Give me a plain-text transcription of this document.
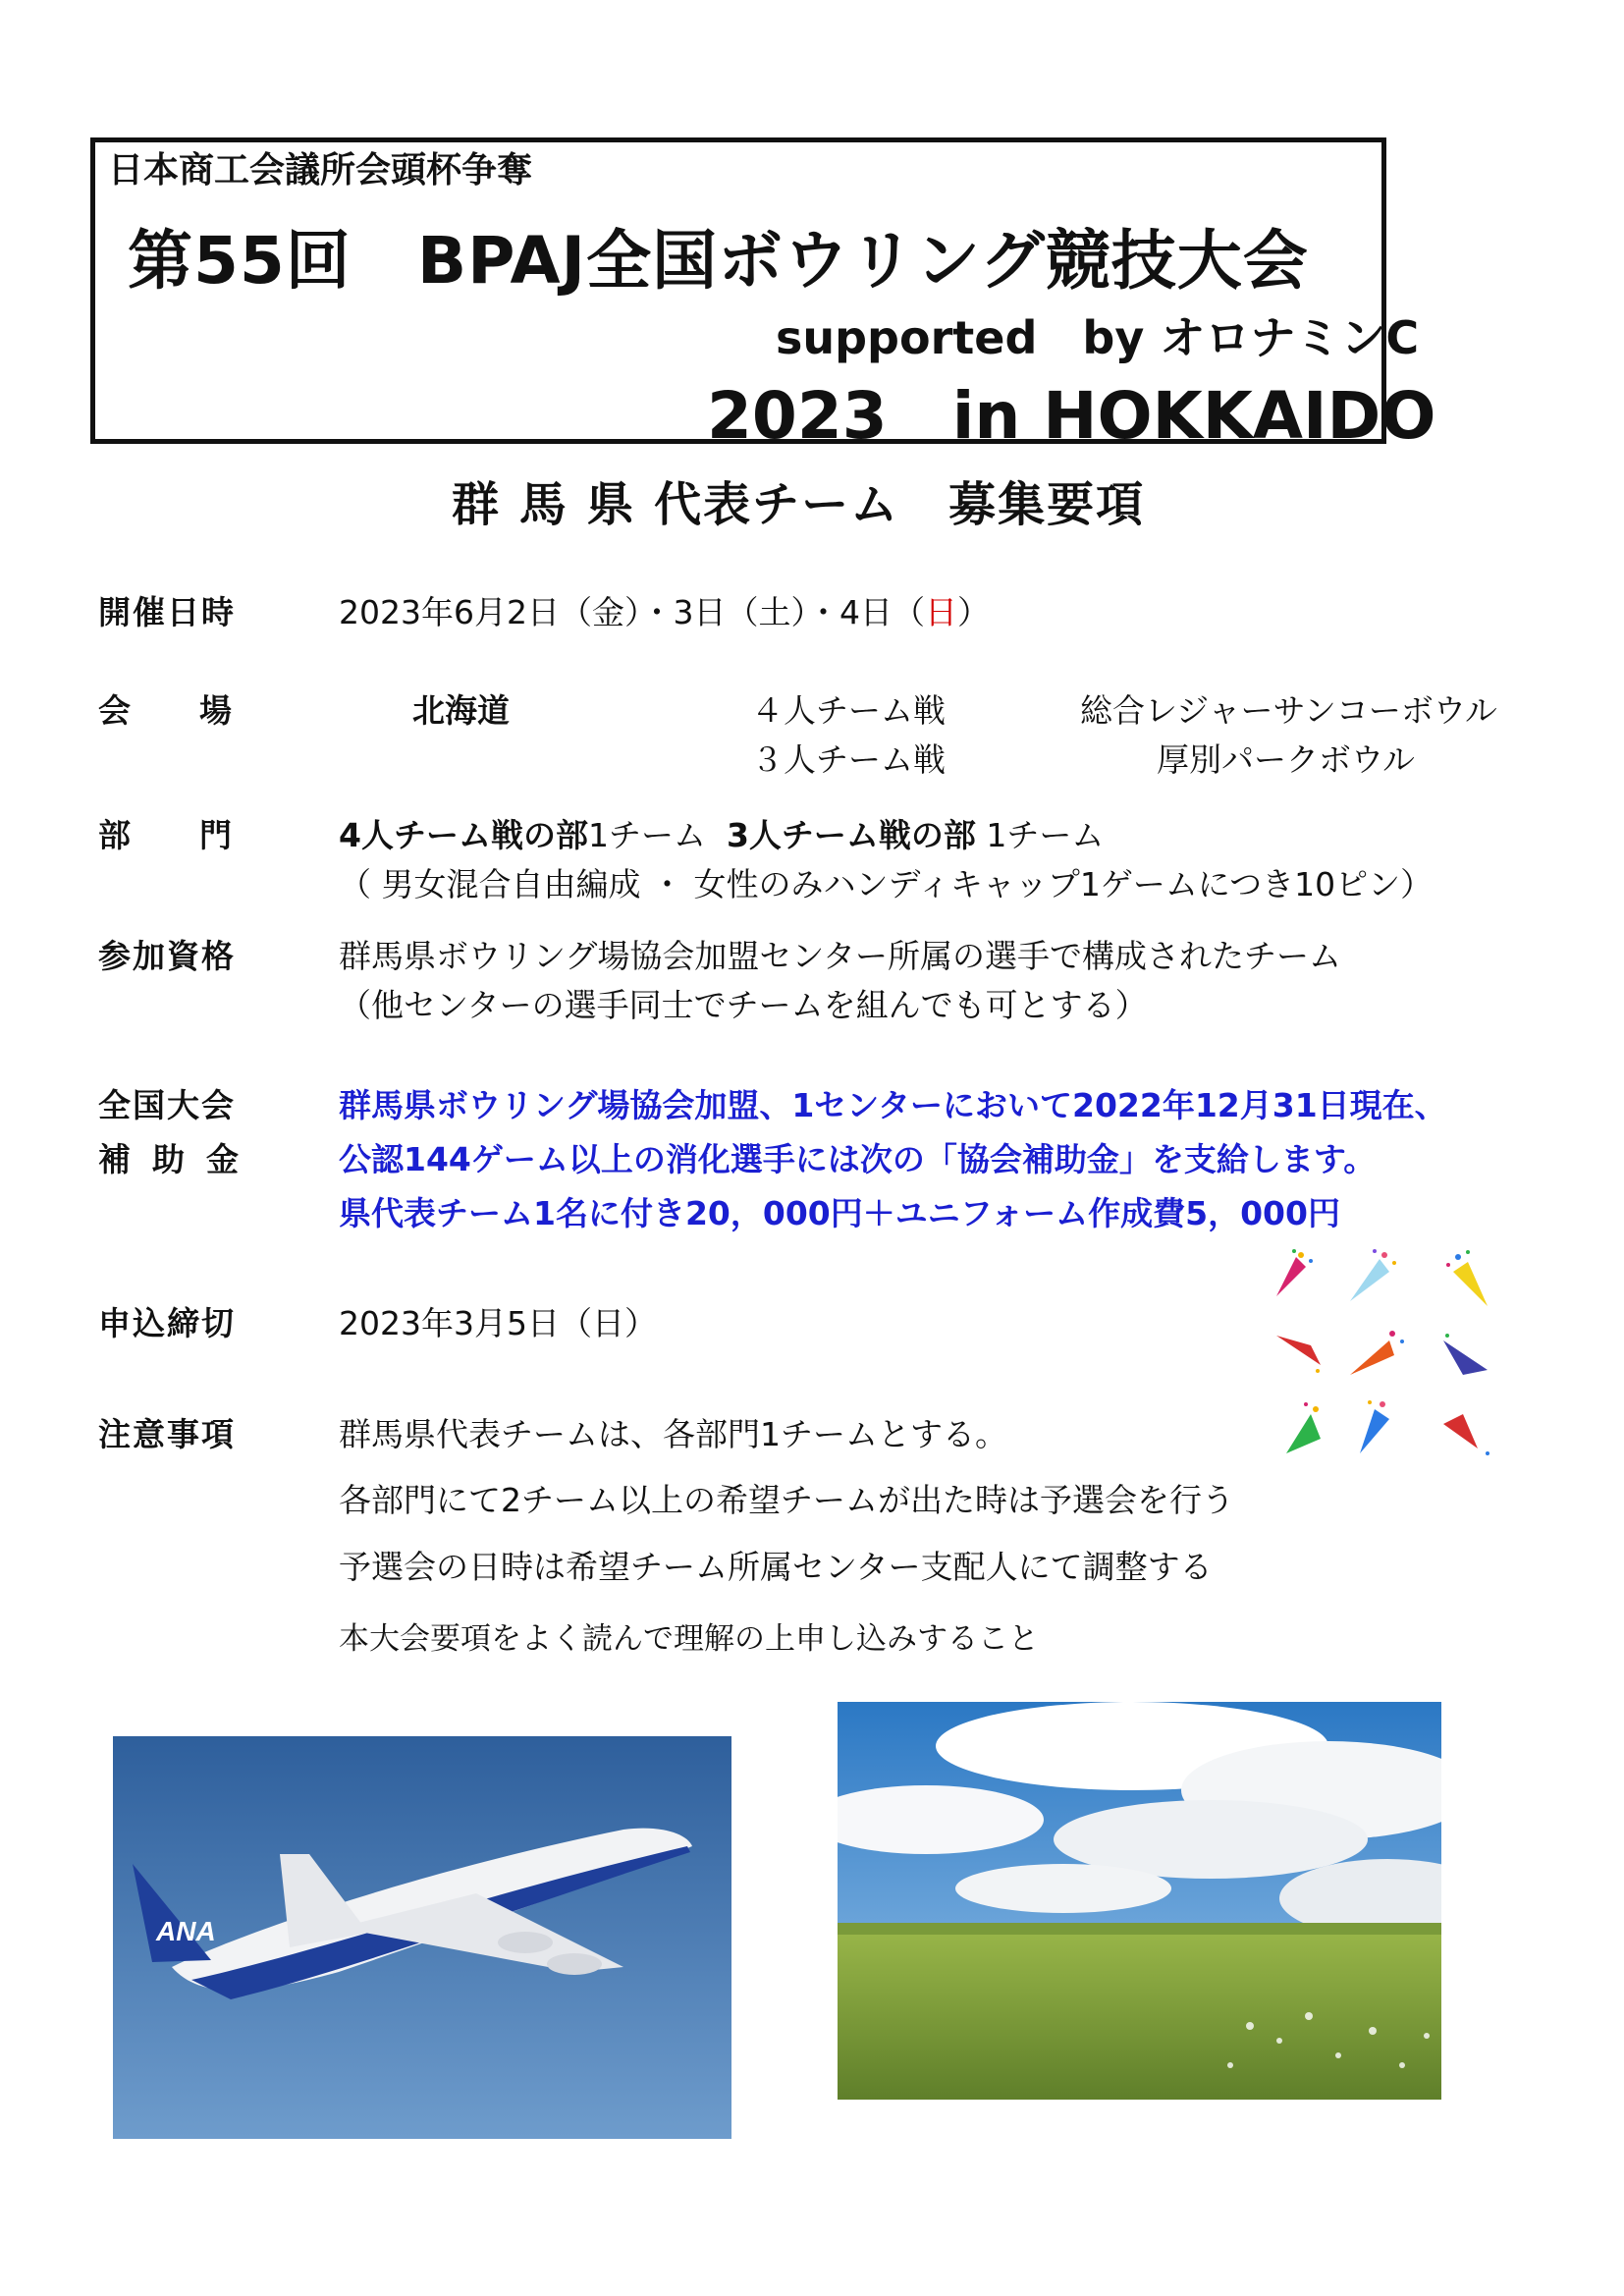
日本商工会議所会頭杯争奪
第55回　BPAJ全国ボウリング競技大会
supported　by オロナミンC
2023　in HOKKAIDO
群 馬 県 代表チーム　募集要項
開催日時	2023年6月2日（金）・3日（土）・4日（日）
会場	北海道	４人チーム戦	総合レジャーサンコーボウル
３人チーム戦	厚別パークボウル
部門 4人チーム戦の部1チーム 3人チーム戦の部 1チーム
（ 男女混合自由編成 ・ 女性のみハンディキャップ1ゲームにつき10ピン）
参加資格	群馬県ボウリング場協会加盟センター所属の選手で構成されたチーム
（他センターの選手同士でチームを組んでも可とする）
全国大会
補助金
群馬県ボウリング場協会加盟、1センターにおいて2022年12月31日現在、
公認144ゲーム以上の消化選手には次の「協会補助金」を支給します。
県代表チーム1名に付き20，000円＋ユニフォーム作成費5，000円
申込締切	2023年3月5日（日）
注意事項	群馬県代表チームは、各部門1チームとする。
各部門にて2チーム以上の希望チームが出た時は予選会を行う
予選会の日時は希望チーム所属センター支配人にて調整する
本大会要項をよく読んで理解の上申し込みすること
ANA
